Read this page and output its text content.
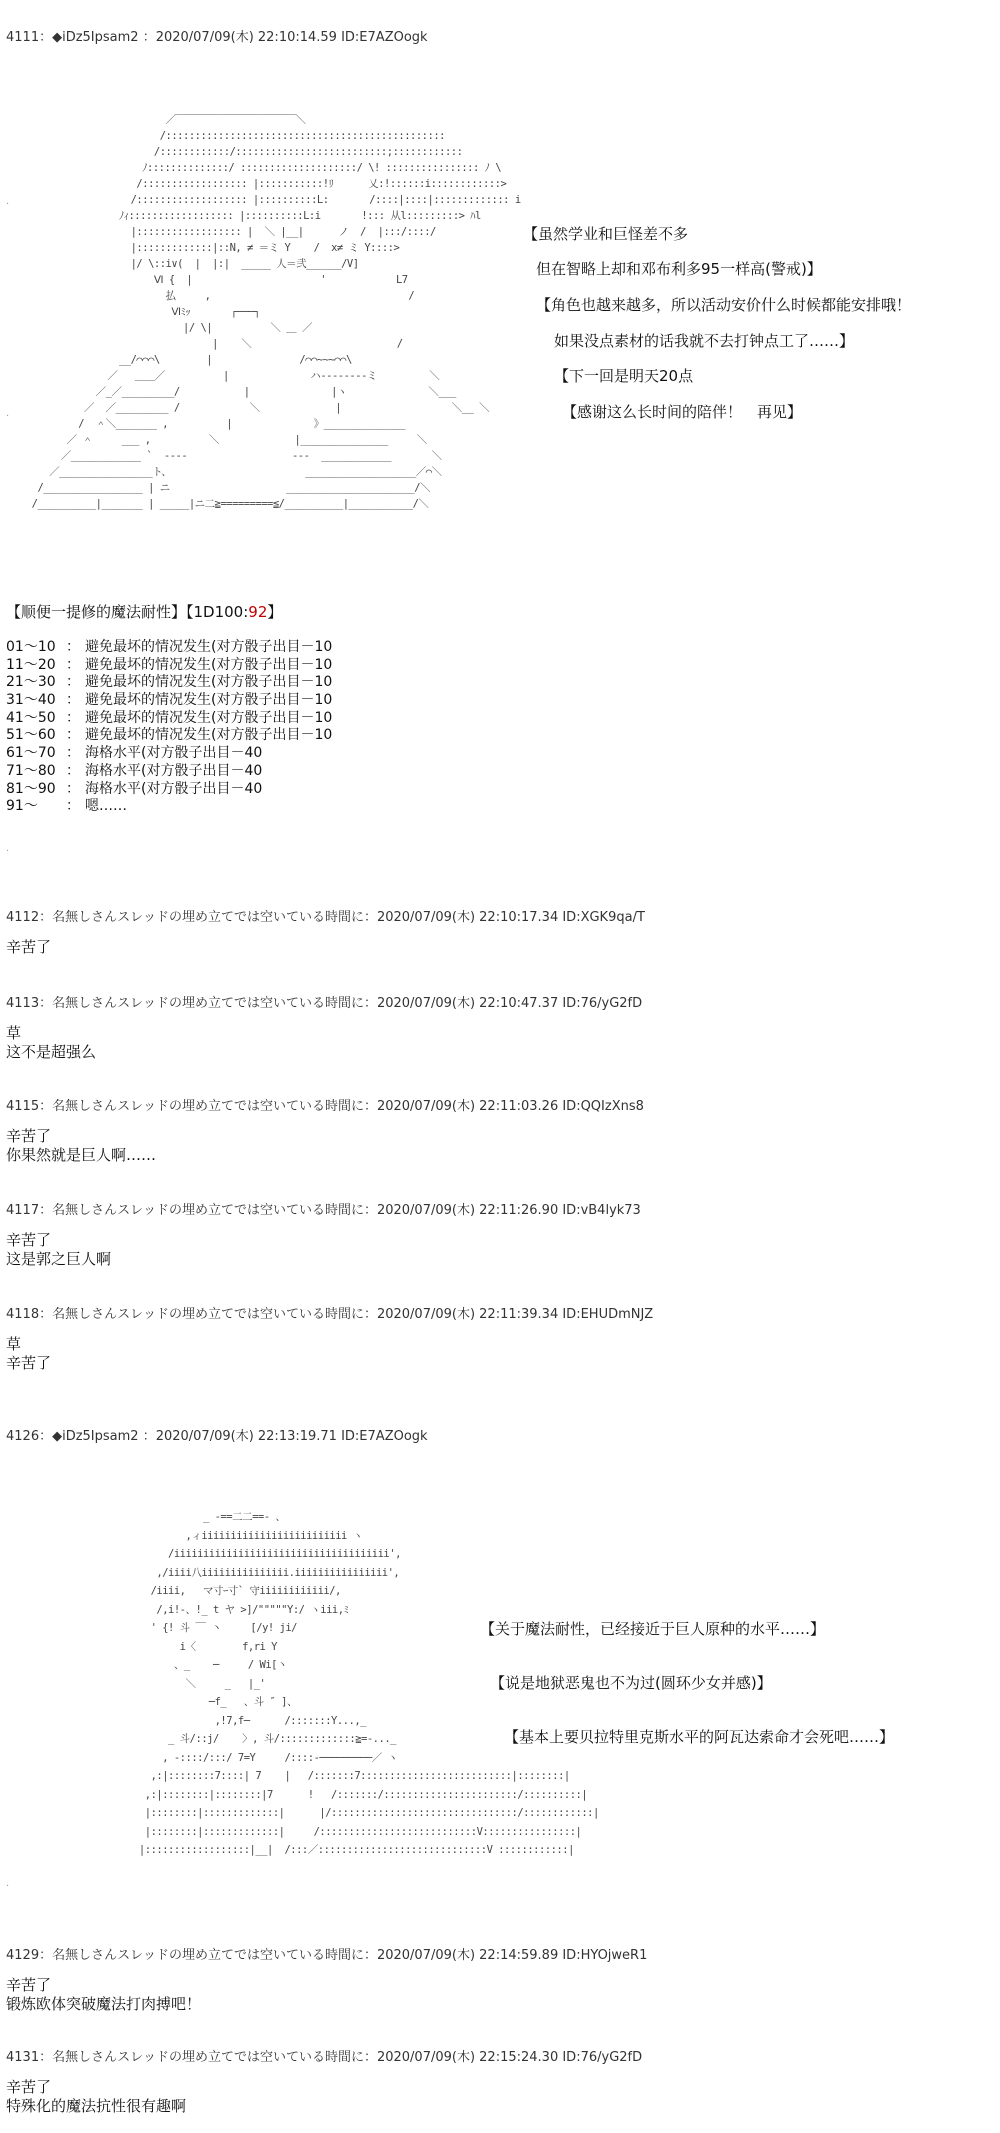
4111：◆iDz5Ipsam2 ：2020/07/09(木) 22:10:14.59 ID:E7AZOogk
／￣￣￣￣￣￣￣￣￣￣￣￣＼
/::::::::::::::::::::::::::::::::::::::::::::::::
/::::::::::::/::::::::::::::::::::::::::;::::::::::::
ﾉ::::::::::::::/ ::::::::::::::::::::/ \! :::::::::::::::: ﾉ \
/:::::::::::::::::: |:::::::::::!ﾘ      乂:!::::::i::::::::::::>
/::::::::::::::::::: |::::::::::L:       /::::|::::|::::::::::::: i
ﾉｨ:::::::::::::::::: |::::::::::L:i       !::: 从l:::::::::> ﾊl
|:::::::::::::::::: |  ＼ |__|      ノ  /  |:::/::::/
|:::::::::::::|::N, ≠ ＝ミ Y    /  x≠ ミ Y::::>
|/ \::i∨(  |  |:|  _____ 人＝弐______/V]
Ⅵ {  |                      '            L7
払     ,                                  /
Ⅵﾐｯ       ┌───┐
|/ \|          ＼ ＿ ／
|    ＼                         /
__/⌒⌒⌒\        |               /⌒⌒~~~⌒⌒\
／   ＿＿／          |              ハ--------ミ         ＼
／_／_________/           |              |ヽ              ＼___
／  ／_________ /            ＼             |                   ＼__ ＼
/  ＾＼_______ ,          |              》______________
／ ＾     ___ ,          ＼             |_______________     ＼
／____________ `  ----                  ---  ____________       ＼
／________________ト、                       ___________________／⌒＼
/_________________ | ニ                    ______________________/＼
/__________|_______ | _____|ニ二≧=========≦/__________|___________/＼
.
.
【虽然学业和巨怪差不多
但在智略上却和邓布利多95一样高(警戒)】
【角色也越来越多，所以活动安价什么时候都能安排哦！
如果没点素材的话我就不去打钟点工了……】
【下一回是明天20点
【感谢这么长时间的陪伴！　再见】
【顺便一提修的魔法耐性】【1D100:92】
01～10 ： 避免最坏的情况发生(对方骰子出目－10
11～20 ： 避免最坏的情况发生(对方骰子出目－10
21～30 ： 避免最坏的情况发生(对方骰子出目－10
31～40 ： 避免最坏的情况发生(对方骰子出目－10
41～50 ： 避免最坏的情况发生(对方骰子出目－10
51～60 ： 避免最坏的情况发生(对方骰子出目－10
61～70 ： 海格水平(对方骰子出目－40
71～80 ： 海格水平(对方骰子出目－40
81～90 ： 海格水平(对方骰子出目－40
91～ ： 嗯……
.
4112：名無しさんスレッドの埋め立てでは空いている時間に：2020/07/09(木) 22:10:17.34 ID:XGK9qa/T
辛苦了
4113：名無しさんスレッドの埋め立てでは空いている時間に：2020/07/09(木) 22:10:47.37 ID:76/yG2fD
草
这不是超强么
4115：名無しさんスレッドの埋め立てでは空いている時間に：2020/07/09(木) 22:11:03.26 ID:QQIzXns8
辛苦了
你果然就是巨人啊……
4117：名無しさんスレッドの埋め立てでは空いている時間に：2020/07/09(木) 22:11:26.90 ID:vB4lyk73
辛苦了
这是郭之巨人啊
4118：名無しさんスレッドの埋め立てでは空いている時間に：2020/07/09(木) 22:11:39.34 ID:EHUDmNJZ
草
辛苦了
4126：◆iDz5Ipsam2 ：2020/07/09(木) 22:13:19.71 ID:E7AZOogk
_ -==二二==- 、
,ィiiiiiiiiiiiiiiiiiiiiiiiii ヽ
/iiiiiiiiiiiiiiiiiiiiiiiiiiiiiiiiiiiii',
,/iiii八iiiiiiiiiiiiiii.iiiiiiiiiiiiiiii',
/iiii,   マ寸ｰ寸` 守iiiiiiiiiiii/,
/,i!-、!_ t ヤ >]/"""""Y:/ ヽiii,ﾐ
' {! 斗 ￣ 丶     [/y! ji/
i〈        f,ri Y
、_    ─     / Wi[丶
＼     _   |_'
─f_   、斗 ″ ]、
,!7,f─      /:::::::Y...,_
_ 斗/::j/    〉, 斗/:::::::::::::≧=-..._
, -::::/:::/ 7=Y     /::::-─────────／ ヽ
,:|::::::::7::::| 7    |   /:::::::7::::::::::::::::::::::::::|::::::::|
,:|::::::::|::::::::|7      !   /:::::::/:::::::::::::::::::::::/::::::::::|
|::::::::|:::::::::::::|      |/::::::::::::::::::::::::::::::::/::::::::::::|
|::::::::|:::::::::::::|     /:::::::::::::::::::::::::::V::::::::::::::::|
|::::::::::::::::::|__|  /:::／:::::::::::::::::::::::::::::V ::::::::::::|
【关于魔法耐性，已经接近于巨人原种的水平……】
【说是地狱恶鬼也不为过(圆环少女并感)】
【基本上要贝拉特里克斯水平的阿瓦达索命才会死吧……】
.
4129：名無しさんスレッドの埋め立てでは空いている時間に：2020/07/09(木) 22:14:59.89 ID:HYOjweR1
辛苦了
锻炼欧体突破魔法打肉搏吧！
4131：名無しさんスレッドの埋め立てでは空いている時間に：2020/07/09(木) 22:15:24.30 ID:76/yG2fD
辛苦了
特殊化的魔法抗性很有趣啊
